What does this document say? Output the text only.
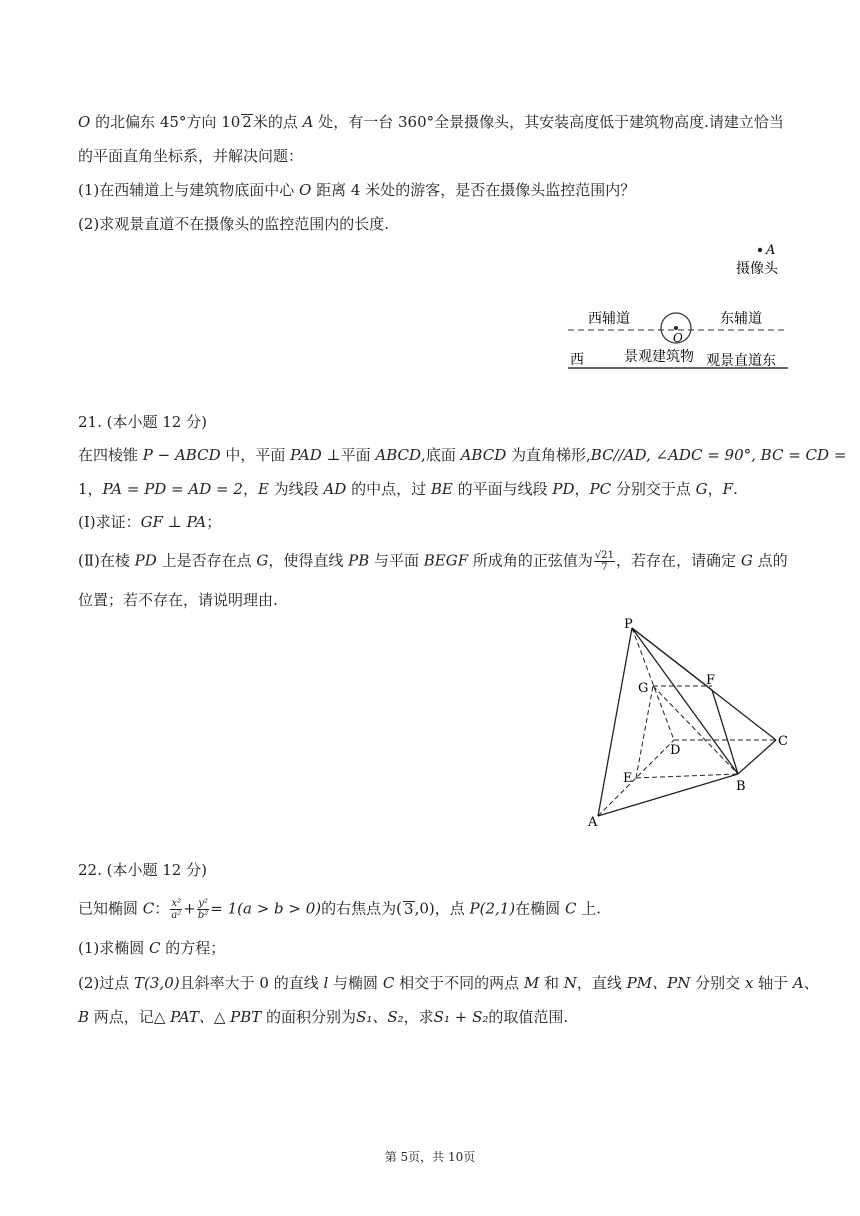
O 的北偏东 45°方向 10 2米的点 A 处，有一台 360°全景摄像头，其安装高度低于建筑物高度.请建立恰当
的平面直角坐标系，并解决问题：
(1)在西辅道上与建筑物底面中心 O 距离 4 米处的游客，是否在摄像头监控范围内？
(2)求观景直道不在摄像头的监控范围内的长度.
A
摄像头
西辅道	东辅道
O
西	景观建筑物 观景直道东
21. (本小题 12 分)
在四棱锥 P − ABCD 中，平面 PAD ⊥平面 ABCD,底面 ABCD 为直角梯形,BC//AD, ∠ADC = 90°, BC = CD =
1，PA = PD = AD = 2，E 为线段 AD 的中点，过 BE 的平面与线段 PD，PC 分别交于点 G，F.
(Ⅰ)求证：GF ⊥ PA；
(Ⅱ)在棱 PD 上是否存在点 G，使得直线 PB 与平面 BEGF 所成角的正弦值为 $\frac{√21}{7}$ ，若存在，请确定 G 点的
位置；若不存在，请说明理由.
P
G
F
D
C
E
B
A
22. (本小题 12 分)
已知椭圆 C： $\frac{\text{x²}}{\text{a²}} + \frac{\text{y²}}{\text{b²}} = 1(a > b > 0)$的右焦点为( 3,0)，点 P(2,1)在椭圆 C 上.
(1)求椭圆 C 的方程；
(2)过点 T(3,0)且斜率大于 0 的直线 l 与椭圆 C 相交于不同的两点 M 和 N，直线 PM、PN 分别交 x 轴于 A、
B 两点，记△ PAT、△ PBT 的面积分别为S₁、S₂，求S₁ + S₂的取值范围.
第 5页，共 10页
